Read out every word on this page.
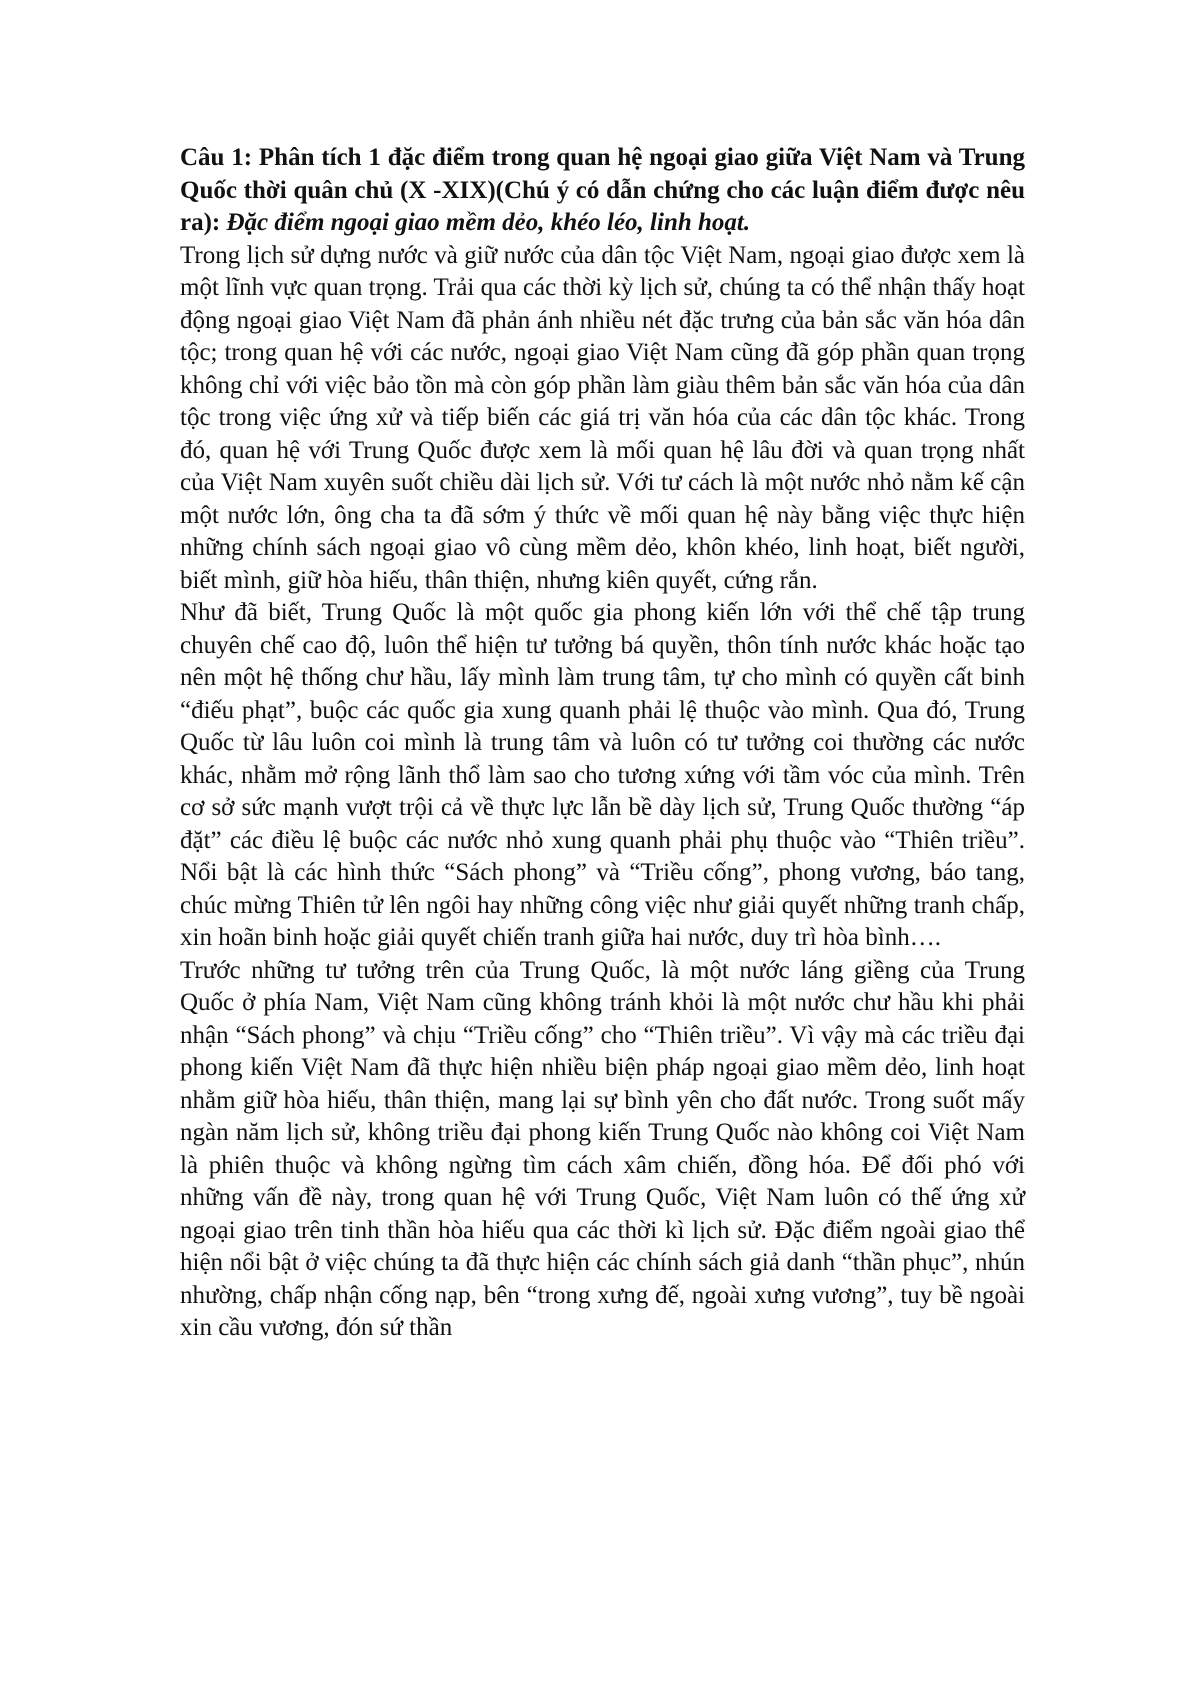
Câu 1: Phân tích 1 đặc điểm trong quan hệ ngoại giao giữa Việt Nam và Trung Quốc thời quân chủ (X -XIX)(Chú ý có dẫn chứng cho các luận điểm được nêu ra): Đặc điểm ngoại giao mềm dẻo, khéo léo, linh hoạt.

Trong lịch sử dựng nước và giữ nước của dân tộc Việt Nam, ngoại giao được xem là một lĩnh vực quan trọng. Trải qua các thời kỳ lịch sử, chúng ta có thể nhận thấy hoạt động ngoại giao Việt Nam đã phản ánh nhiều nét đặc trưng của bản sắc văn hóa dân tộc; trong quan hệ với các nước, ngoại giao Việt Nam cũng đã góp phần quan trọng không chỉ với việc bảo tồn mà còn góp phần làm giàu thêm bản sắc văn hóa của dân tộc trong việc ứng xử và tiếp biến các giá trị văn hóa của các dân tộc khác. Trong đó, quan hệ với Trung Quốc được xem là mối quan hệ lâu đời và quan trọng nhất của Việt Nam xuyên suốt chiều dài lịch sử. Với tư cách là một nước nhỏ nằm kế cận một nước lớn, ông cha ta đã sớm ý thức về mối quan hệ này bằng việc thực hiện những chính sách ngoại giao vô cùng mềm dẻo, khôn khéo, linh hoạt, biết người, biết mình, giữ hòa hiếu, thân thiện, nhưng kiên quyết, cứng rắn.

Như đã biết, Trung Quốc là một quốc gia phong kiến lớn với thể chế tập trung chuyên chế cao độ, luôn thể hiện tư tưởng bá quyền, thôn tính nước khác hoặc tạo nên một hệ thống chư hầu, lấy mình làm trung tâm, tự cho mình có quyền cất binh “điếu phạt”, buộc các quốc gia xung quanh phải lệ thuộc vào mình. Qua đó, Trung Quốc từ lâu luôn coi mình là trung tâm và luôn có tư tưởng coi thường các nước khác, nhằm mở rộng lãnh thổ làm sao cho tương xứng với tầm vóc của mình. Trên cơ sở sức mạnh vượt trội cả về thực lực lẫn bề dày lịch sử, Trung Quốc thường “áp đặt” các điều lệ buộc các nước nhỏ xung quanh phải phụ thuộc vào “Thiên triều”. Nổi bật là các hình thức “Sách phong” và “Triều cống”, phong vương, báo tang, chúc mừng Thiên tử lên ngôi hay những công việc như giải quyết những tranh chấp, xin hoãn binh hoặc giải quyết chiến tranh giữa hai nước, duy trì hòa bình….

Trước những tư tưởng trên của Trung Quốc, là một nước láng giềng của Trung Quốc ở phía Nam, Việt Nam cũng không tránh khỏi là một nước chư hầu khi phải nhận “Sách phong” và chịu “Triều cống” cho “Thiên triều”. Vì vậy mà các triều đại phong kiến Việt Nam đã thực hiện nhiều biện pháp ngoại giao mềm dẻo, linh hoạt nhằm giữ hòa hiếu, thân thiện, mang lại sự bình yên cho đất nước. Trong suốt mấy ngàn năm lịch sử, không triều đại phong kiến Trung Quốc nào không coi Việt Nam là phiên thuộc và không ngừng tìm cách xâm chiến, đồng hóa. Để đối phó với những vấn đề này, trong quan hệ với Trung Quốc, Việt Nam luôn có thế ứng xử ngoại giao trên tinh thần hòa hiếu qua các thời kì lịch sử. Đặc điểm ngoài giao thể hiện nổi bật ở việc chúng ta đã thực hiện các chính sách giả danh “thần phục”, nhún nhường, chấp nhận cống nạp, bên “trong xưng đế, ngoài xưng vương”, tuy bề ngoài xin cầu vương, đón sứ thần
